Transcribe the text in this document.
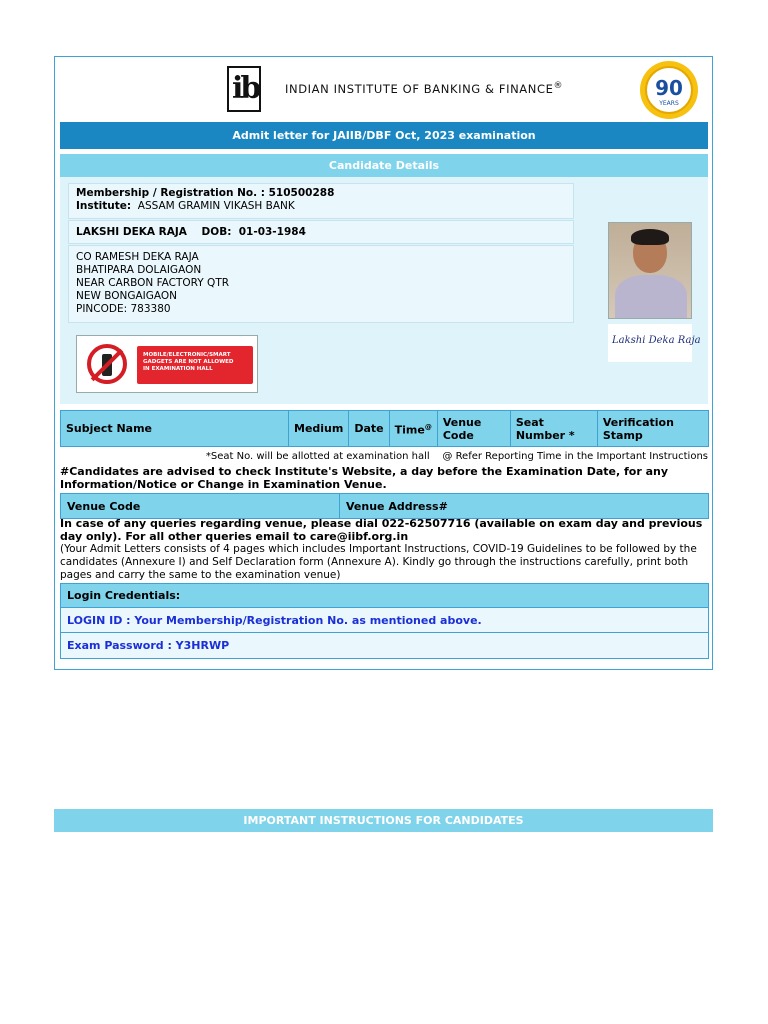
ib INDIAN INSTITUTE OF BANKING & FINANCE®	90
YEARS
Admit letter for JAIIB/DBF Oct, 2023 examination
Candidate Details
Membership / Registration No. : 510500288
Institute: ASSAM GRAMIN VIKASH BANK
LAKSHI DEKA RAJA DOB: 01-03-1984
CO RAMESH DEKA RAJA
BHATIPARA DOLAIGAON
NEAR CARBON FACTORY QTR
NEW BONGAIGAON
PINCODE: 783380
Lakshi Deka Raja
MOBILE/ELECTRONIC/SMART
GADGETS ARE NOT ALLOWED
IN EXAMINATION HALL
Subject Name	Medium	Date	Time@	Venue Code	Seat Number *	Verification Stamp
*Seat No. will be allotted at examination hall    @ Refer Reporting Time in the Important Instructions
#Candidates are advised to check Institute's Website, a day before the Examination Date, for any Information/Notice or Change in Examination Venue.
Venue Code	Venue Address#
In case of any queries regarding venue, please dial 022-62507716 (available on exam day and previous day only). For all other queries email to care@iibf.org.in
(Your Admit Letters consists of 4 pages which includes Important Instructions, COVID-19 Guidelines to be followed by the candidates (Annexure I) and Self Declaration form (Annexure A). Kindly go through the instructions carefully, print both pages and carry the same to the examination venue)
Login Credentials:
LOGIN ID : Your Membership/Registration No. as mentioned above.
Exam Password : Y3HRWP
IMPORTANT INSTRUCTIONS FOR CANDIDATES
